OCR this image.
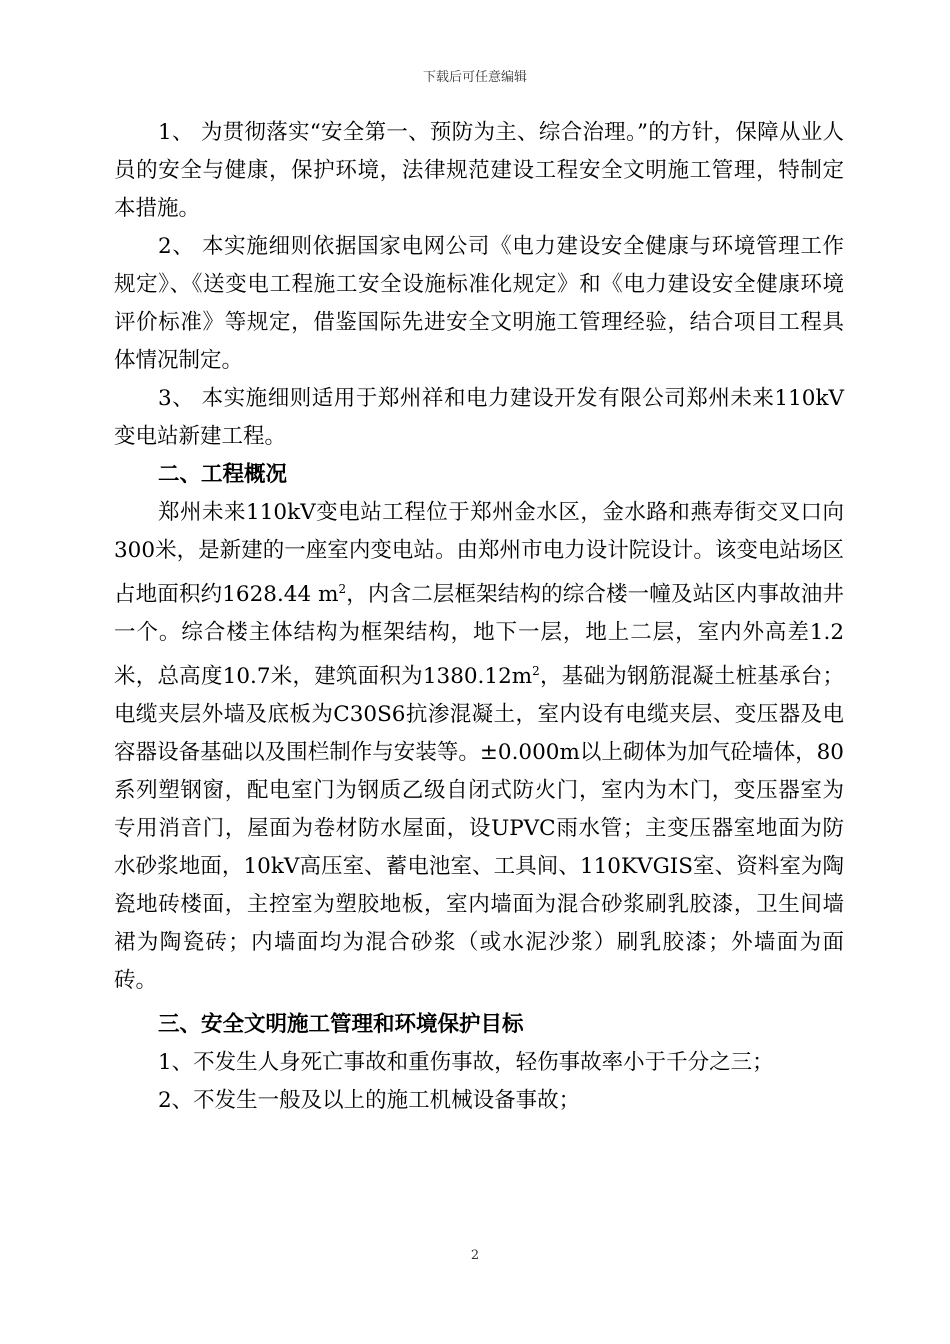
下载后可任意编辑

1、 为贯彻落实“安全第一、预防为主、综合治理。”的方针，保障从业人员的安全与健康，保护环境，法律规范建设工程安全文明施工管理，特制定本措施。

2、 本实施细则依据国家电网公司《电力建设安全健康与环境管理工作规定》、《送变电工程施工安全设施标准化规定》和《电力建设安全健康环境评价标准》等规定，借鉴国际先进安全文明施工管理经验，结合项目工程具体情况制定。

3、 本实施细则适用于郑州祥和电力建设开发有限公司郑州未来110kV变电站新建工程。

二、工程概况

郑州未来110kV变电站工程位于郑州金水区，金水路和燕寿街交叉口向300米，是新建的一座室内变电站。由郑州市电力设计院设计。该变电站场区占地面积约1628.44 $m^2$，内含二层框架结构的综合楼一幢及站区内事故油井一个。综合楼主体结构为框架结构，地下一层，地上二层，室内外高差1.2米，总高度10.7米，建筑面积为$1380.12m^2$，基础为钢筋混凝土桩基承台；电缆夹层外墙及底板为C30S6抗渗混凝土，室内设有电缆夹层、变压器及电容器设备基础以及围栏制作与安装等。±0.000m以上砌体为加气砼墙体，80系列塑钢窗，配电室门为钢质乙级自闭式防火门，室内为木门，变压器室为专用消音门，屋面为卷材防水屋面，设UPVC雨水管；主变压器室地面为防水砂浆地面，10kV高压室、蓄电池室、工具间、110KVGIS室、资料室为陶瓷地砖楼面，主控室为塑胶地板，室内墙面为混合砂浆刷乳胶漆，卫生间墙裙为陶瓷砖；内墙面均为混合砂浆（或水泥沙浆）刷乳胶漆；外墙面为面砖。

三、安全文明施工管理和环境保护目标

1、不发生人身死亡事故和重伤事故，轻伤事故率小于千分之三；

2、不发生一般及以上的施工机械设备事故；

2
